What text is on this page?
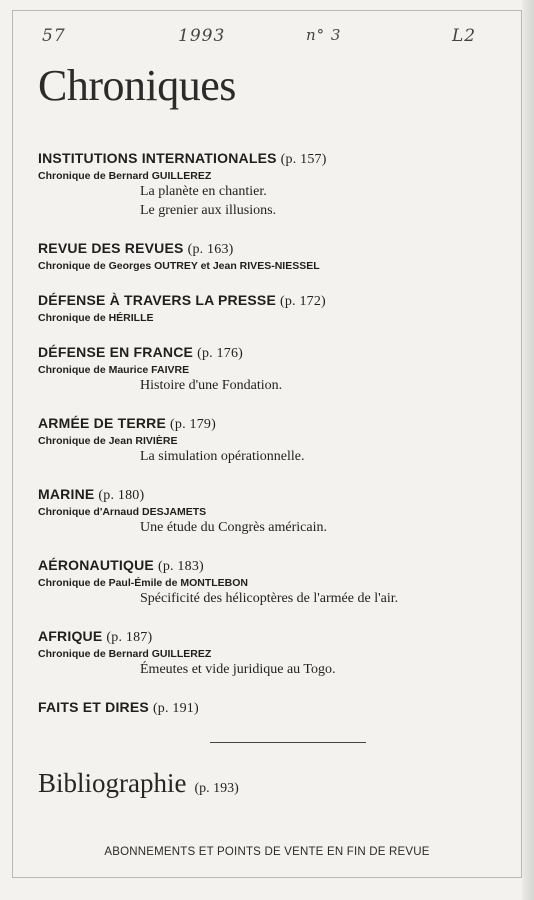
57	1993	n° 3	L2
Chroniques
INSTITUTIONS INTERNATIONALES (p. 157)
Chronique de Bernard GUILLEREZ
La planète en chantier.
Le grenier aux illusions.
REVUE DES REVUES (p. 163)
Chronique de Georges OUTREY et Jean RIVES-NIESSEL
DÉFENSE À TRAVERS LA PRESSE (p. 172)
Chronique de HÉRILLE
DÉFENSE EN FRANCE (p. 176)
Chronique de Maurice FAIVRE
Histoire d'une Fondation.
ARMÉE DE TERRE (p. 179)
Chronique de Jean RIVIÈRE
La simulation opérationnelle.
MARINE (p. 180)
Chronique d'Arnaud DESJAMETS
Une étude du Congrès américain.
AÉRONAUTIQUE (p. 183)
Chronique de Paul-Émile de MONTLEBON
Spécificité des hélicoptères de l'armée de l'air.
AFRIQUE (p. 187)
Chronique de Bernard GUILLEREZ
Émeutes et vide juridique au Togo.
FAITS ET DIRES (p. 191)
Bibliographie (p. 193)
ABONNEMENTS ET POINTS DE VENTE EN FIN DE REVUE
